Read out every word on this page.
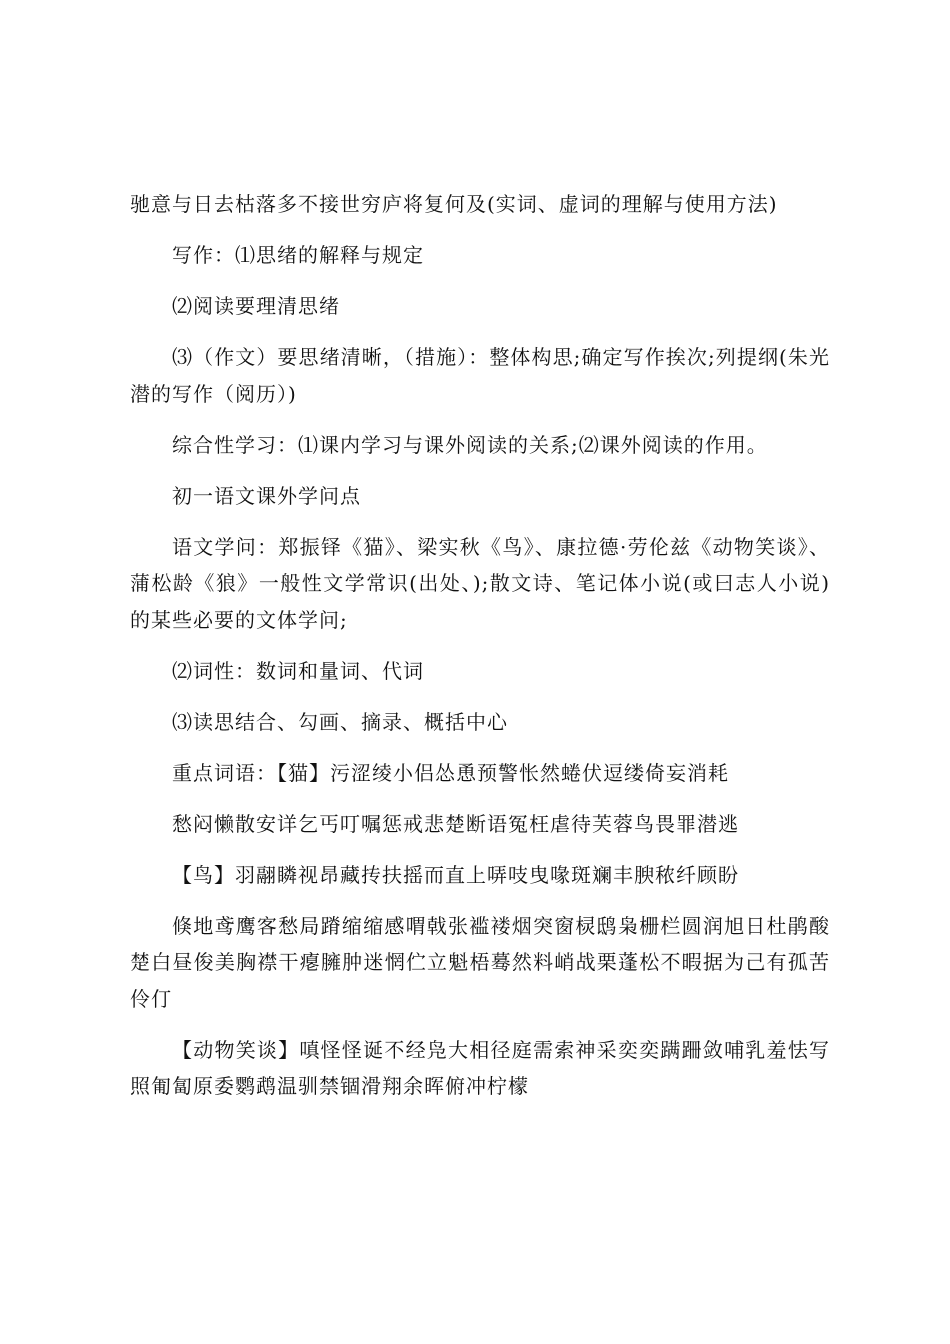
驰意与日去枯落多不接世穷庐将复何及(实词、虚词的理解与使用方法)

写作：⑴思绪的解释与规定

⑵阅读要理清思绪

⑶（作文）要思绪清晰，（措施）：整体构思;确定写作挨次;列提纲(朱光潜的写作（阅历）)

综合性学习：⑴课内学习与课外阅读的关系;⑵课外阅读的作用。

初一语文课外学问点

语文学问：郑振铎《猫》、梁实秋《鸟》、康拉德·劳伦兹《动物笑谈》、蒲松龄《狼》一般性文学常识(出处、);散文诗、笔记体小说(或曰志人小说)的某些必要的文体学问;

⑵词性：数词和量词、代词

⑶读思结合、勾画、摘录、概括中心

重点词语：【猫】污涩绫小侣怂恿预警怅然蜷伏逗缕倚妄消耗

愁闷懒散安详乞丐叮嘱惩戒悲楚断语冤枉虐待芙蓉鸟畏罪潜逃

【鸟】羽翮瞵视昂藏抟扶摇而直上哢吱曳喙斑斓丰腴秾纤顾盼

倏地鸢鹰客愁局蹐缩缩感喟戟张褴褛烟突窗棂鸱枭栅栏圆润旭日杜鹃酸楚白昼俊美胸襟干瘪臃肿迷惘伫立魁梧蓦然料峭战栗蓬松不暇据为己有孤苦伶仃

【动物笑谈】嗔怪怪诞不经凫大相径庭需索神采奕奕蹒跚敛哺乳羞怯写照匍匐原委鹦鹉温驯禁锢滑翔余晖俯冲柠檬
